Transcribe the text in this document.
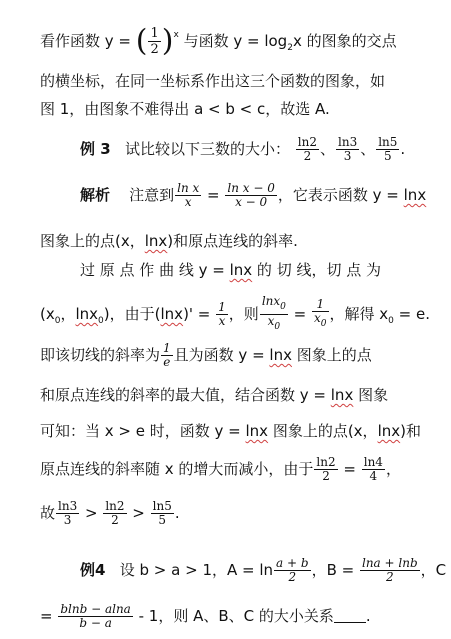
看作函数 y = ( $\frac{1}{2} )^x$ 与函数 $y = \log_2x$ 的图象的交点
的横坐标，在同一坐标系作出这三个函数的图象，如
图 1，由图象不难得出 a < b < c，故选 A.
例 3 试比较以下三数的大小： $\frac{\ln 2}{2}$ 、 $\frac{\ln 3}{3}$ 、 $\frac{\ln 5}{5}$ .
解析 注意到 $\frac{\text{ln x}}{x} = \frac{\text{ln x − 0}}{x - 0}$ ，它表示函数 y = lnx
图象上的点(x，lnx)和原点连线的斜率.
过 原 点 作 曲 线 y = lnx 的 切 线，切 点 为
($x_0$，lnx$_0$)，由于$(\ln x)' = \frac{1}{x}$ ，则 $\frac{\ln x_0}{x_0} = \frac{1}{x_0}$ ，解得 $x_0 = e$.
即该切线的斜率为 $\frac{1}{e}$ 且为函数 y = lnx 图象上的点
和原点连线的斜率的最大值，结合函数 y = lnx 图象
可知：当 x > e 时，函数 y = lnx 图象上的点(x，lnx)和
原点连线的斜率随 x 的增大而减小，由于 $\frac{\ln 2}{2} = \frac{\ln 4}{4}$ ，
故 $\frac{\ln 3}{3} > \frac{\ln 2}{2} > \frac{\ln 5}{5}$ .
例4 设 b > a > 1，$A = \ln \frac{a + b}{2}$ ，$B = \frac{\ln a + \ln b}{2}$ ，C
= $\frac{blnb - alna}{b - a} - 1$，则 A、B、C 的大小关系 .
